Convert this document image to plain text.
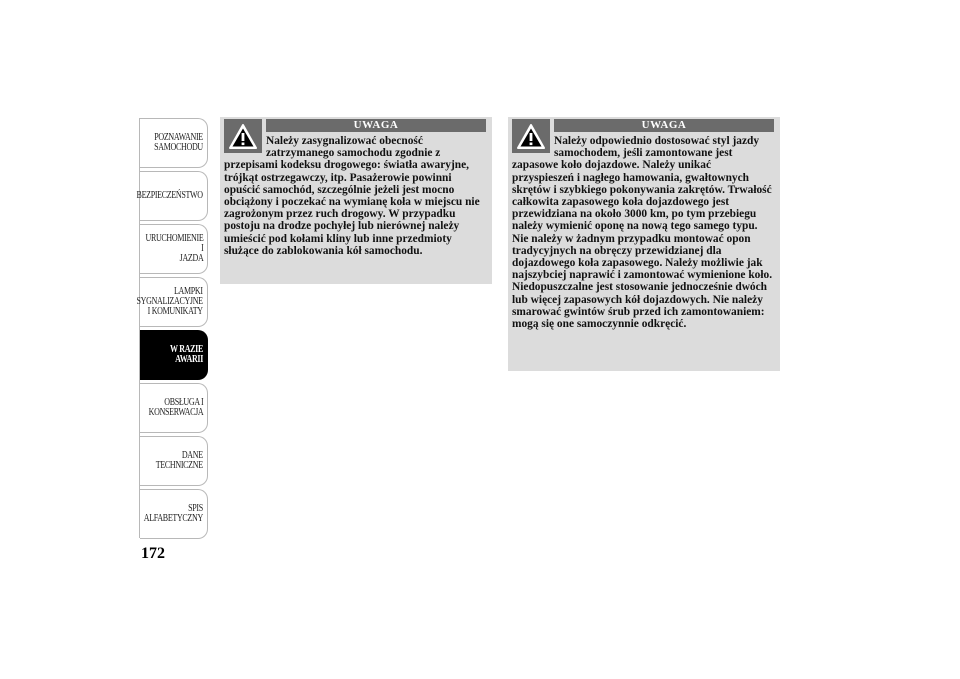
POZNAWANIE
SAMOCHODU
BEZPIECZEŃSTWO
URUCHOMIENIE I
JAZDA
LAMPKI
SYGNALIZACYJNE
I KOMUNIKATY
W RAZIE AWARII
OBSŁUGA I
KONSERWACJA
DANE
TECHNICZNE
SPIS
ALFABETYCZNY
172
UWAGA

Należy zasygnalizować obecność zatrzymanego samochodu zgodnie z przepisami kodeksu drogowego: światła awaryjne, trójkąt ostrzegawczy, itp. Pasażerowie powinni opuścić samochód, szczególnie jeżeli jest mocno obciążony i poczekać na wymianę koła w miejscu nie zagrożonym przez ruch drogowy. W przypadku postoju na drodze pochyłej lub nierównej należy umieścić pod kołami kliny lub inne przedmioty służące do zablokowania kół samochodu.

UWAGA

Należy odpowiednio dostosować styl jazdy samochodem, jeśli zamontowane jest zapasowe koło dojazdowe. Należy unikać przyspieszeń i nagłego hamowania, gwałtownych skrętów i szybkiego pokonywania zakrętów. Trwałość całkowita zapasowego koła dojazdowego jest przewidziana na około 3000 km, po tym przebiegu należy wymienić oponę na nową tego samego typu. Nie należy w żadnym przypadku montować opon tradycyjnych na obręczy przewidzianej dla dojazdowego koła zapasowego. Należy możliwie jak najszybciej naprawić i zamontować wymienione koło. Niedopuszczalne jest stosowanie jednocześnie dwóch lub więcej zapasowych kół dojazdowych. Nie należy smarować gwintów śrub przed ich zamontowaniem: mogą się one samoczynnie odkręcić.
